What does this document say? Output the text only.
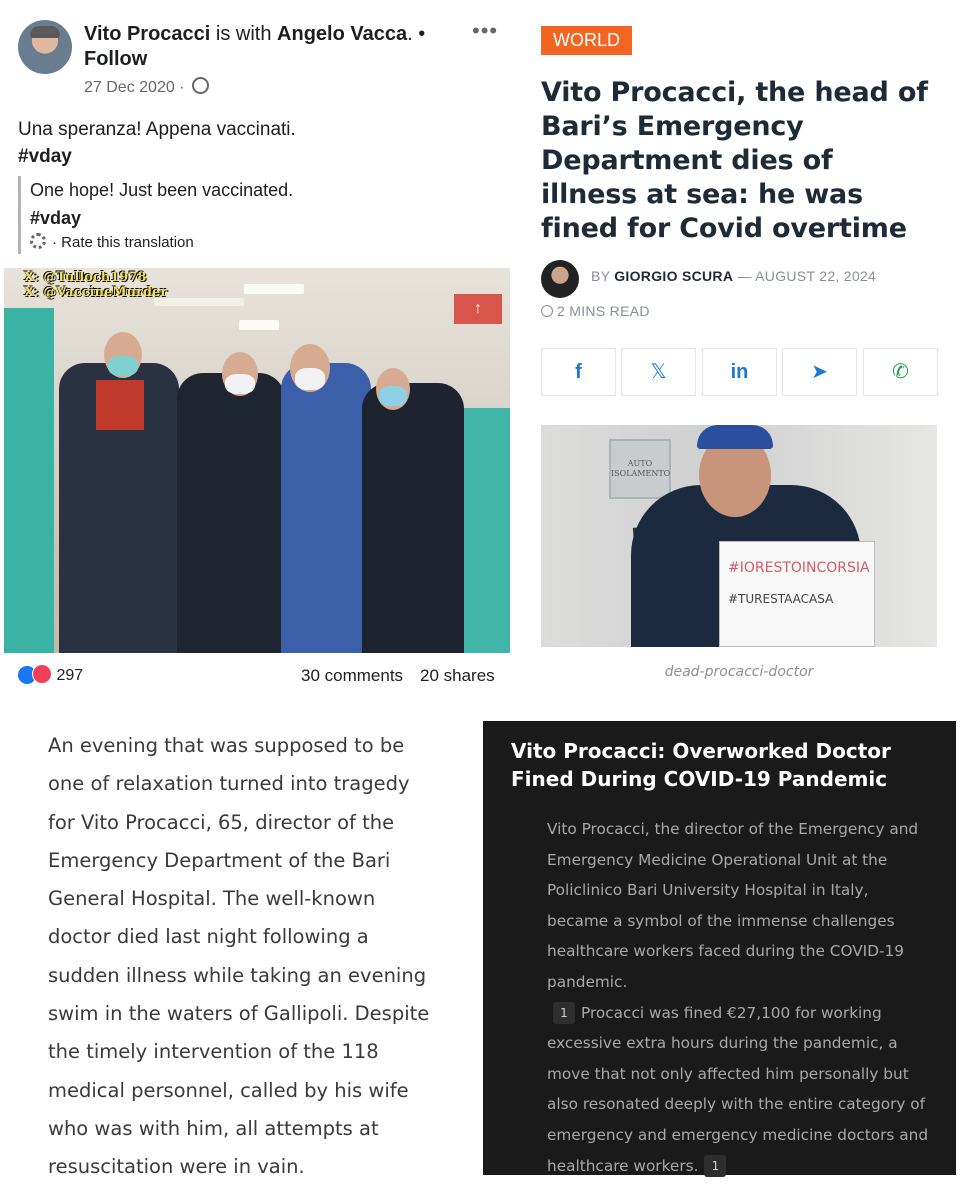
Vito Procacci is with Angelo Vacca. •
Follow
•••
27 Dec 2020 ·
Una speranza! Appena vaccinati.
#vday
One hope! Just been vaccinated.
#vday
· Rate this translation
↑
X: @Tulloch1978
X: @VaccineMurder
297	30 comments 20 shares
WORLD
Vito Procacci, the head of Bari’s Emergency Department dies of illness at sea: he was fined for Covid overtime
BY GIORGIO SCURA — AUGUST 22, 2024
2 MINS READ
f	𝕏	in	➤	✆
AUTO ISOLAMENTO
#IORESTOINCORSIA
#TURESTAACASA
dead-procacci-doctor
An evening that was supposed to be one of relaxation turned into tragedy for Vito Procacci, 65, director of the Emergency Department of the Bari General Hospital. The well-known doctor died last night following a sudden illness while taking an evening swim in the waters of Gallipoli. Despite the timely intervention of the 118 medical personnel, called by his wife who was with him, all attempts at resuscitation were in vain.
Vito Procacci: Overworked Doctor Fined During COVID-19 Pandemic
Vito Procacci, the director of the Emergency and Emergency Medicine Operational Unit at the Policlinico Bari University Hospital in Italy, became a symbol of the immense challenges healthcare workers faced during the COVID-19 pandemic.
1 Procacci was fined €27,100 for working excessive extra hours during the pandemic, a move that not only affected him personally but also resonated deeply with the entire category of emergency and emergency medicine doctors and healthcare workers. 1
